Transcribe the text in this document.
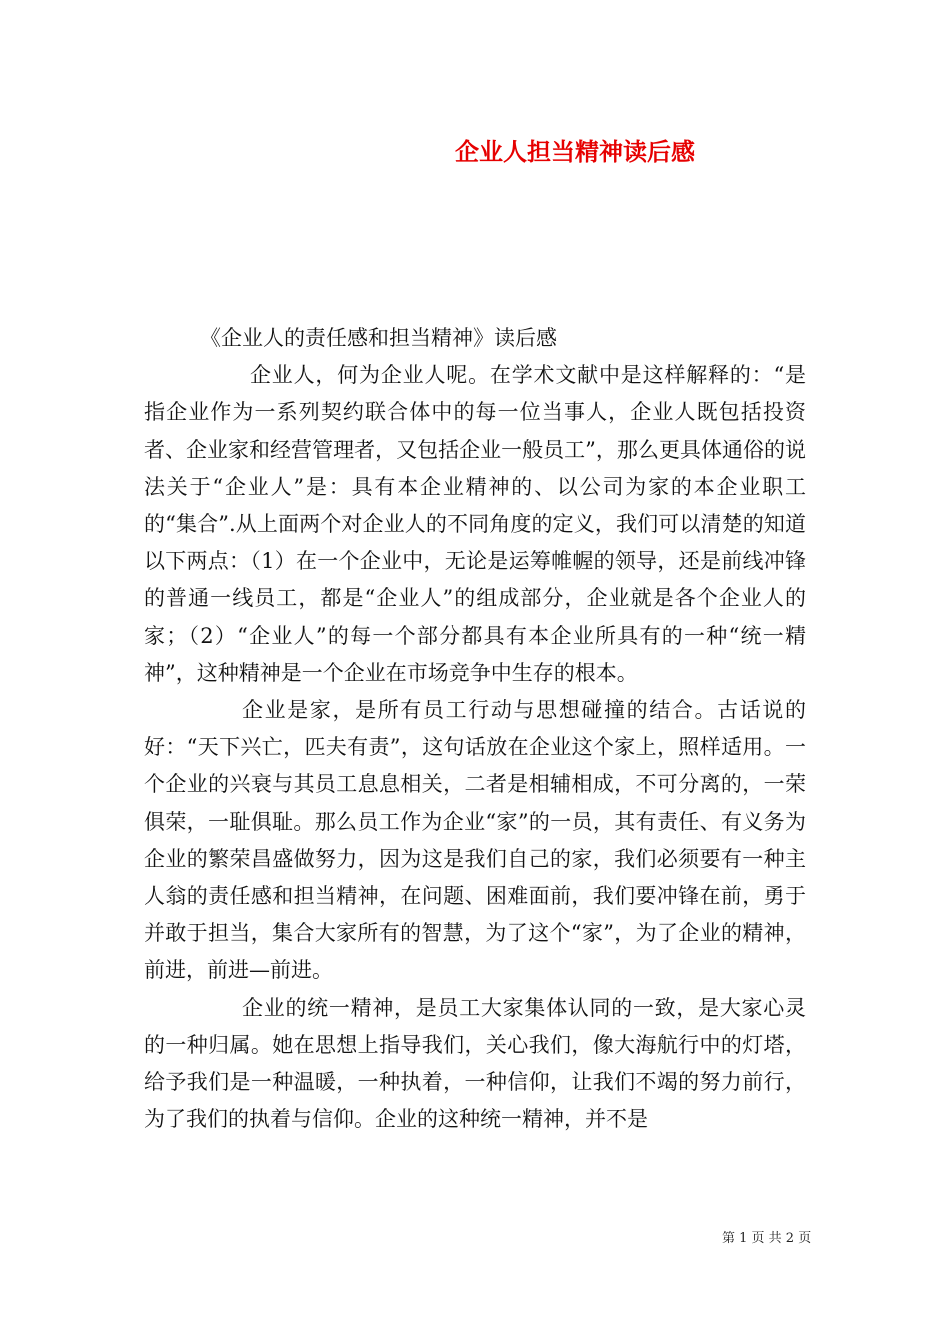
企业人担当精神读后感

《企业人的责任感和担当精神》读后感

企业人，何为企业人呢。在学术文献中是这样解释的：“是指企业作为一系列契约联合体中的每一位当事人，企业人既包括投资者、企业家和经营管理者，又包括企业一般员工”，那么更具体通俗的说法关于“企业人”是：具有本企业精神的、以公司为家的本企业职工的“集合”.从上面两个对企业人的不同角度的定义，我们可以清楚的知道以下两点：（1）在一个企业中，无论是运筹帷幄的领导，还是前线冲锋的普通一线员工，都是“企业人”的组成部分，企业就是各个企业人的家；（2）“企业人”的每一个部分都具有本企业所具有的一种“统一精神”，这种精神是一个企业在市场竞争中生存的根本。

企业是家，是所有员工行动与思想碰撞的结合。古话说的好：“天下兴亡，匹夫有责”，这句话放在企业这个家上，照样适用。一个企业的兴衰与其员工息息相关，二者是相辅相成，不可分离的，一荣俱荣，一耻俱耻。那么员工作为企业“家”的一员，其有责任、有义务为企业的繁荣昌盛做努力，因为这是我们自己的家，我们必须要有一种主人翁的责任感和担当精神，在问题、困难面前，我们要冲锋在前，勇于并敢于担当，集合大家所有的智慧，为了这个“家”，为了企业的精神，前进，前进—前进。

企业的统一精神，是员工大家集体认同的一致，是大家心灵的一种归属。她在思想上指导我们，关心我们，像大海航行中的灯塔，给予我们是一种温暖，一种执着，一种信仰，让我们不竭的努力前行，为了我们的执着与信仰。企业的这种统一精神，并不是

第 1 页 共 2 页
